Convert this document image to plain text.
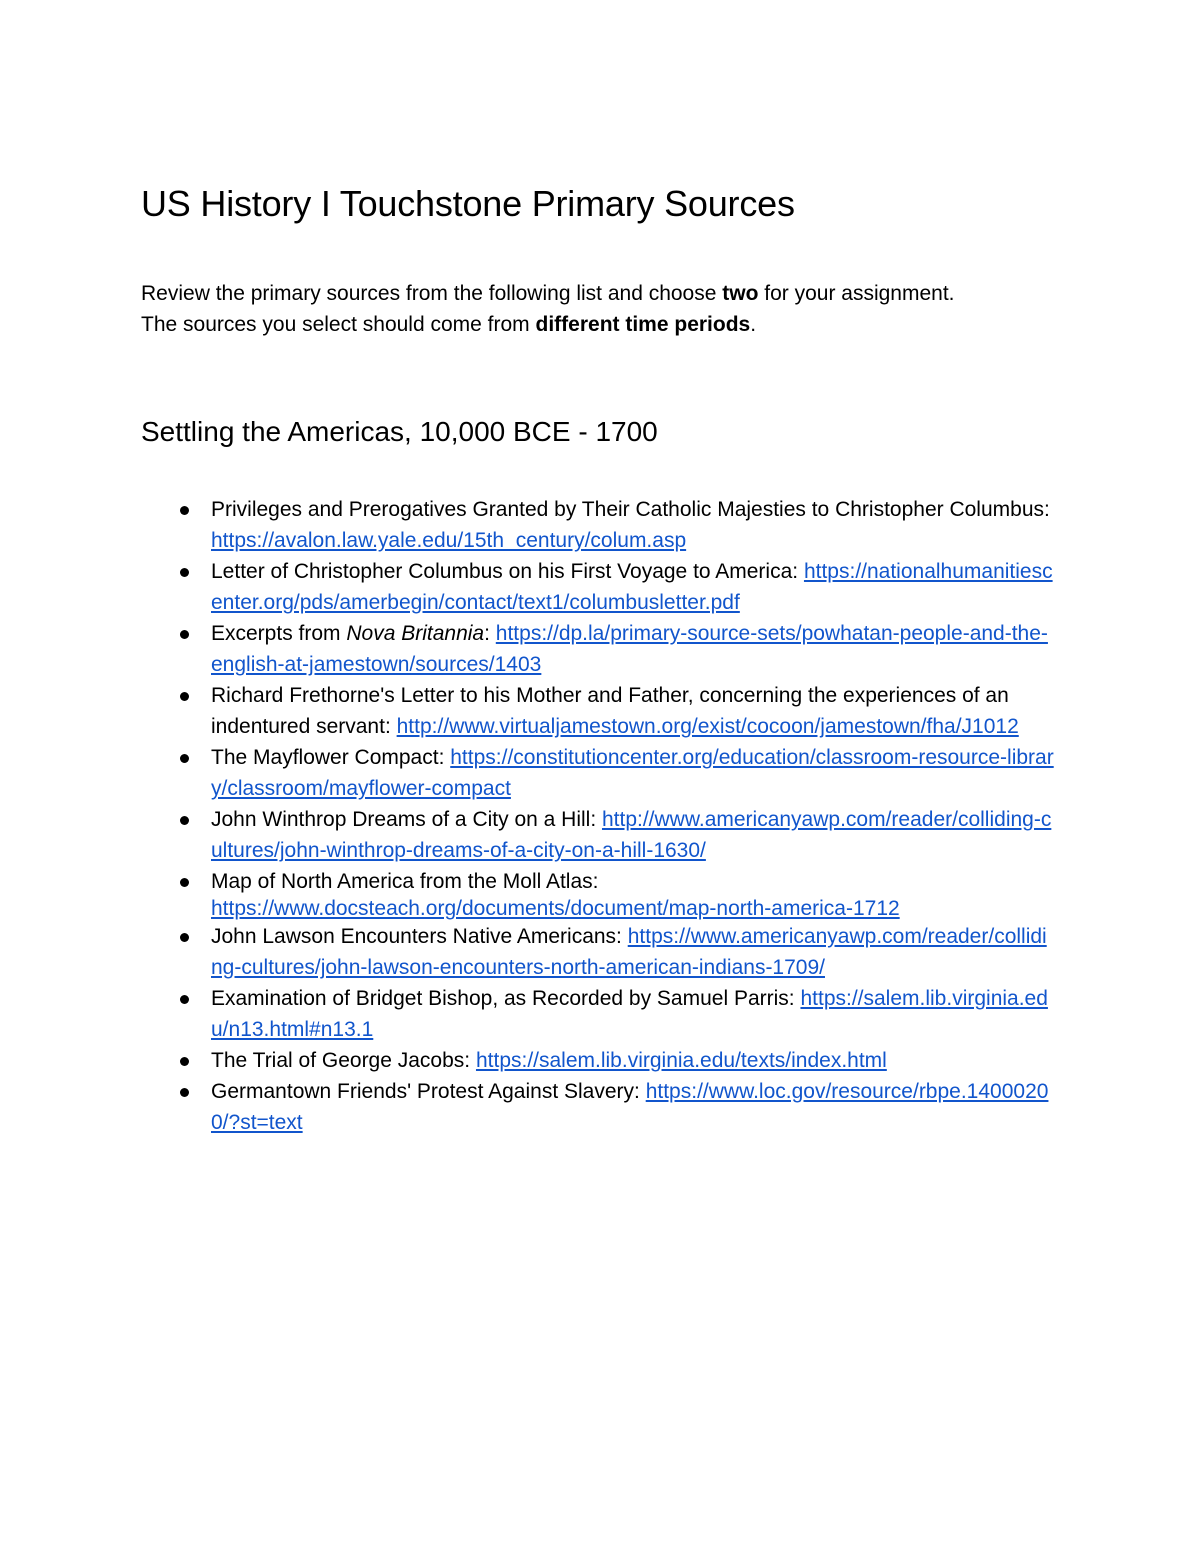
US History I Touchstone Primary Sources

Review the primary sources from the following list and choose two for your assignment.

The sources you select should come from different time periods.

Settling the Americas, 10,000 BCE - 1700
Privileges and Prerogatives Granted by Their Catholic Majesties to Christopher Columbus: https://avalon.law.yale.edu/15th_century/colum.asp
Letter of Christopher Columbus on his First Voyage to America: https://nationalhumanitiescenter.org/pds/amerbegin/contact/text1/columbusletter.pdf
Excerpts from Nova Britannia: https://dp.la/primary-source-sets/powhatan-people-and-the-english-at-jamestown/sources/1403
Richard Frethorne's Letter to his Mother and Father, concerning the experiences of an indentured servant: http://www.virtualjamestown.org/exist/cocoon/jamestown/fha/J1012
The Mayflower Compact: https://constitutioncenter.org/education/classroom-resource-library/classroom/mayflower-compact
John Winthrop Dreams of a City on a Hill: http://www.americanyawp.com/reader/colliding-cultures/john-winthrop-dreams-of-a-city-on-a-hill-1630/
Map of North America from the Moll Atlas:
https://www.docsteach.org/documents/document/map-north-america-1712
John Lawson Encounters Native Americans: https://www.americanyawp.com/reader/colliding-cultures/john-lawson-encounters-north-american-indians-1709/
Examination of Bridget Bishop, as Recorded by Samuel Parris: https://salem.lib.virginia.edu/n13.html#n13.1
The Trial of George Jacobs: https://salem.lib.virginia.edu/texts/index.html
Germantown Friends' Protest Against Slavery: https://www.loc.gov/resource/rbpe.14000200/?st=text
